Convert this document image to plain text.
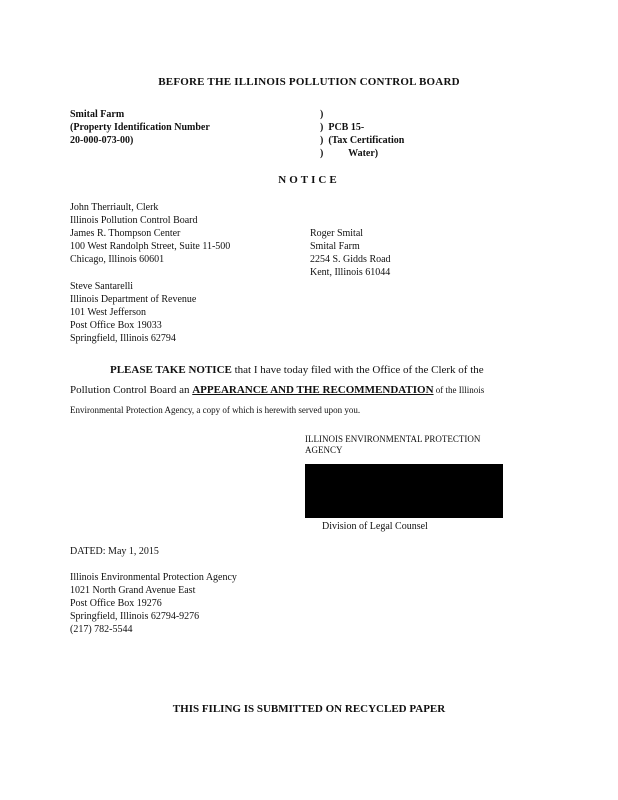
BEFORE THE ILLINOIS POLLUTION CONTROL BOARD
Smital Farm
(Property Identification Number
20-000-073-00)
)
)  PCB 15-
)  (Tax Certification
)          Water)
NOTICE
John Therriault, Clerk
Illinois Pollution Control Board
James R. Thompson Center
100 West Randolph Street, Suite 11-500
Chicago, Illinois 60601
Roger Smital
Smital Farm
2254 S. Gidds Road
Kent, Illinois 61044
Steve Santarelli
Illinois Department of Revenue
101 West Jefferson
Post Office Box 19033
Springfield, Illinois 62794
PLEASE TAKE NOTICE that I have today filed with the Office of the Clerk of the
Pollution Control Board an APPEARANCE AND THE RECOMMENDATION of the Illinois
Environmental Protection Agency, a copy of which is herewith served upon you.
ILLINOIS ENVIRONMENTAL PROTECTION
AGENCY
Division of Legal Counsel
DATED: May 1, 2015
Illinois Environmental Protection Agency
1021 North Grand Avenue East
Post Office Box 19276
Springfield, Illinois 62794-9276
(217) 782-5544
THIS FILING IS SUBMITTED ON RECYCLED PAPER
